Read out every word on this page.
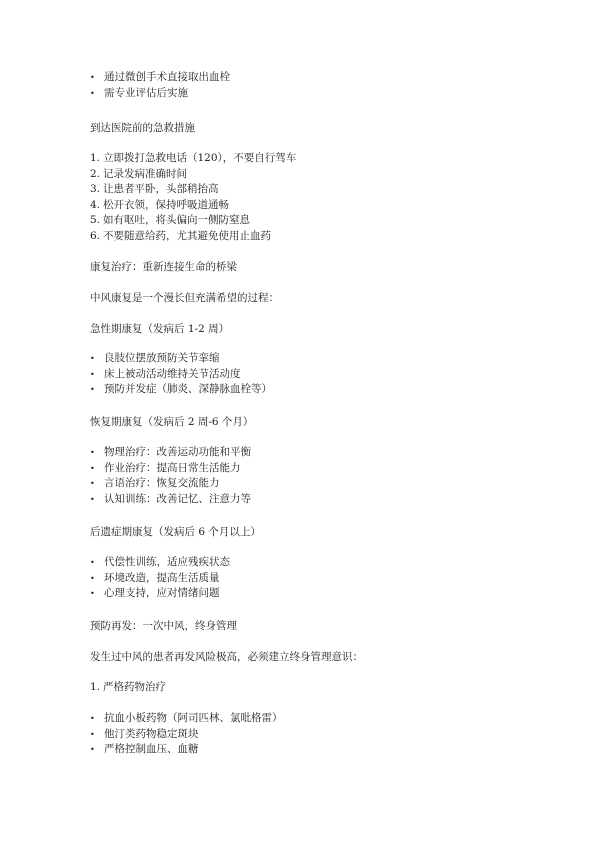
• 通过微创手术直接取出血栓
• 需专业评估后实施
到达医院前的急救措施
1. 立即拨打急救电话（120），不要自行驾车
2. 记录发病准确时间
3. 让患者平卧，头部稍抬高
4. 松开衣领，保持呼吸道通畅
5. 如有呕吐，将头偏向一侧防窒息
6. 不要随意给药，尤其避免使用止血药
康复治疗：重新连接生命的桥梁
中风康复是一个漫长但充满希望的过程：
急性期康复（发病后 1-2 周）
• 良肢位摆放预防关节挛缩
• 床上被动活动维持关节活动度
• 预防并发症（肺炎、深静脉血栓等）
恢复期康复（发病后 2 周-6 个月）
• 物理治疗：改善运动功能和平衡
• 作业治疗：提高日常生活能力
• 言语治疗：恢复交流能力
• 认知训练：改善记忆、注意力等
后遗症期康复（发病后 6 个月以上）
• 代偿性训练，适应残疾状态
• 环境改造，提高生活质量
• 心理支持，应对情绪问题
预防再发：一次中风，终身管理
发生过中风的患者再发风险极高，必须建立终身管理意识：
1. 严格药物治疗
• 抗血小板药物（阿司匹林、氯吡格雷）
• 他汀类药物稳定斑块
• 严格控制血压、血糖
